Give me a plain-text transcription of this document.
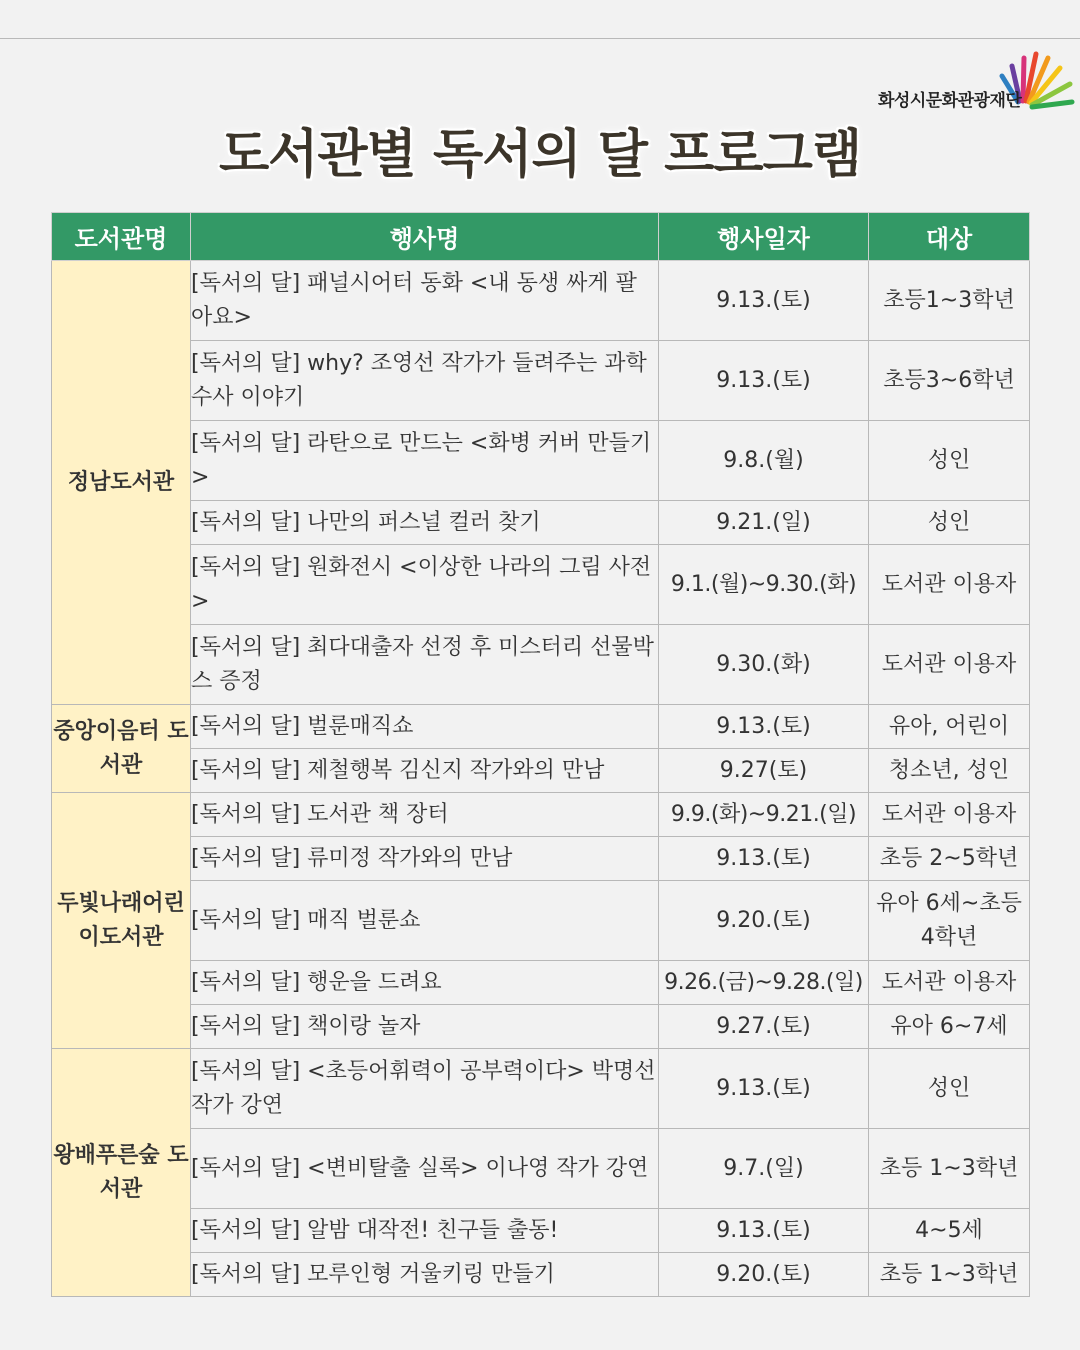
화성시문화관광재단
도서관별 독서의 달 프로그램
도서관명	행사명	행사일자	대상
정남도서관	[독서의 달] 패널시어터 동화 <내 동생 싸게 팔아요>	9.13.(토)	초등1~3학년
	[독서의 달] why? 조영선 작가가 들려주는 과학수사 이야기	9.13.(토)	초등3~6학년
	[독서의 달] 라탄으로 만드는 <화병 커버 만들기>	9.8.(월)	성인
	[독서의 달] 나만의 퍼스널 컬러 찾기	9.21.(일)	성인
	[독서의 달] 원화전시 <이상한 나라의 그림 사전>	9.1.(월)~9.30.(화)	도서관 이용자
	[독서의 달] 최다대출자 선정 후 미스터리 선물박스 증정	9.30.(화)	도서관 이용자
중앙이음터 도서관	[독서의 달] 벌룬매직쇼	9.13.(토)	유아, 어린이
	[독서의 달] 제철행복 김신지 작가와의 만남	9.27(토)	청소년, 성인
두빛나래어린이도서관	[독서의 달] 도서관 책 장터	9.9.(화)~9.21.(일)	도서관 이용자
	[독서의 달] 류미정 작가와의 만남	9.13.(토)	초등 2~5학년
	[독서의 달] 매직 벌룬쇼	9.20.(토)	유아 6세~초등 4학년
	[독서의 달] 행운을 드려요	9.26.(금)~9.28.(일)	도서관 이용자
	[독서의 달] 책이랑 놀자	9.27.(토)	유아 6~7세
왕배푸른숲 도서관	[독서의 달] <초등어휘력이 공부력이다> 박명선 작가 강연	9.13.(토)	성인
	[독서의 달] <변비탈출 실록> 이나영 작가 강연	9.7.(일)	초등 1~3학년
	[독서의 달] 알밤 대작전! 친구들 출동!	9.13.(토)	4~5세
	[독서의 달] 모루인형 거울키링 만들기	9.20.(토)	초등 1~3학년
